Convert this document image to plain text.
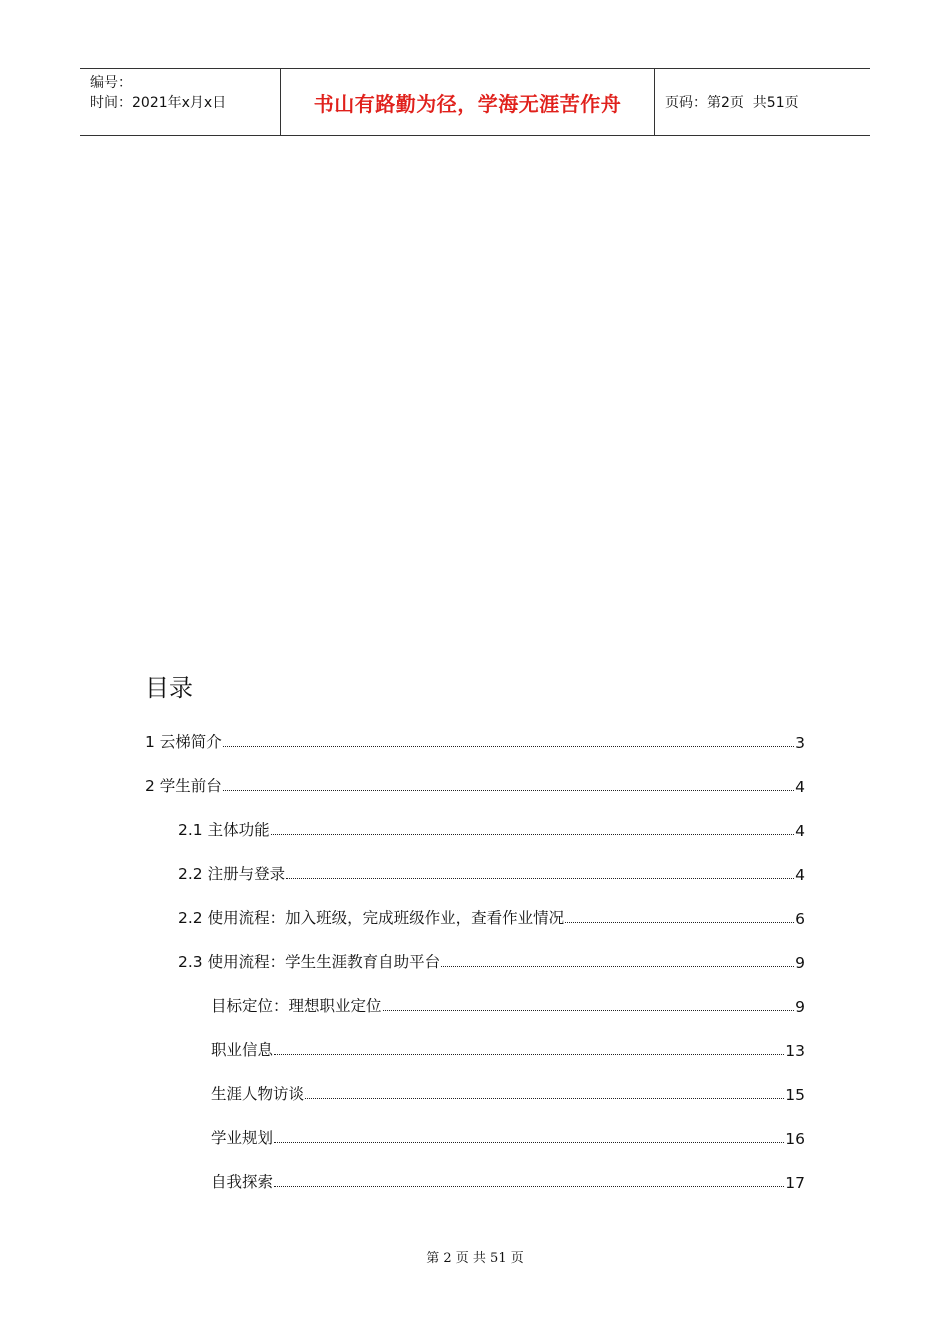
编号：
时间：2021年x月x日	书山有路勤为径，学海无涯苦作舟	页码：第2页  共51页
目录
1 云梯简介	3
2 学生前台	4
2.1 主体功能	4
2.2 注册与登录	4
2.2 使用流程：加入班级，完成班级作业，查看作业情况	6
2.3 使用流程：学生生涯教育自助平台	9
目标定位：理想职业定位	9
职业信息	13
生涯人物访谈	15
学业规划	16
自我探索	17
第 2 页 共 51 页
